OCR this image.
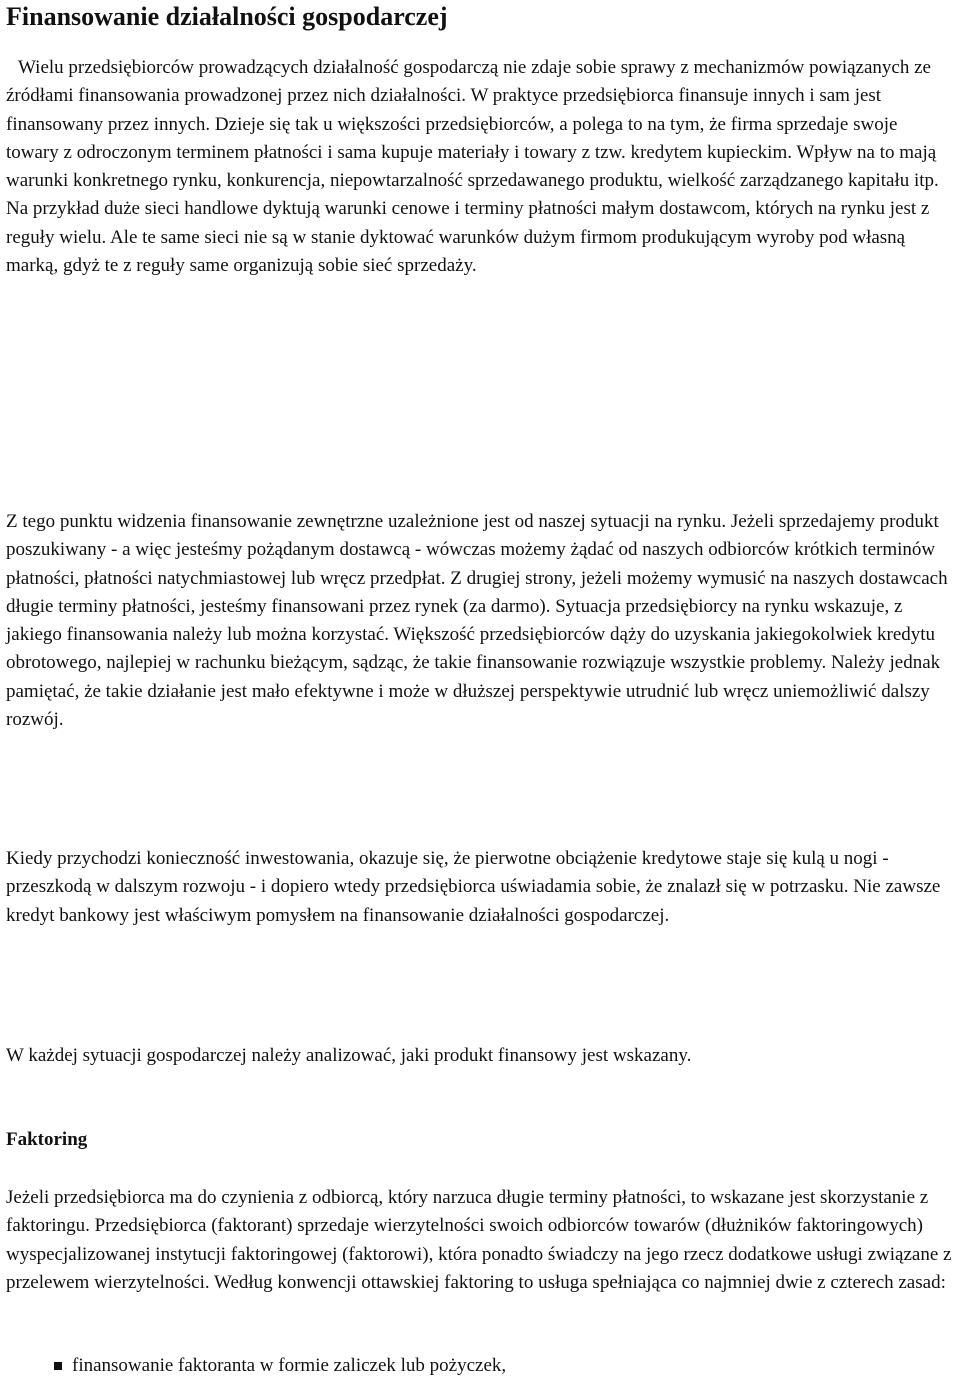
Finansowanie działalności gospodarczej

Wielu przedsiębiorców prowadzących działalność gospodarczą nie zdaje sobie sprawy z mechanizmów powiązanych ze źródłami finansowania prowadzonej przez nich działalności. W praktyce przedsiębiorca finansuje innych i sam jest finansowany przez innych. Dzieje się tak u większości przedsiębiorców, a polega to na tym, że firma sprzedaje swoje towary z odroczonym terminem płatności i sama kupuje materiały i towary z tzw. kredytem kupieckim. Wpływ na to mają warunki konkretnego rynku, konkurencja, niepowtarzalność sprzedawanego produktu, wielkość zarządzanego kapitału itp. Na przykład duże sieci handlowe dyktują warunki cenowe i terminy płatności małym dostawcom, których na rynku jest z reguły wielu. Ale te same sieci nie są w stanie dyktować warunków dużym firmom produkującym wyroby pod własną marką, gdyż te z reguły same organizują sobie sieć sprzedaży.

Z tego punktu widzenia finansowanie zewnętrzne uzależnione jest od naszej sytuacji na rynku. Jeżeli sprzedajemy produkt poszukiwany - a więc jesteśmy pożądanym dostawcą - wówczas możemy żądać od naszych odbiorców krótkich terminów płatności, płatności natychmiastowej lub wręcz przedpłat. Z drugiej strony, jeżeli możemy wymusić na naszych dostawcach długie terminy płatności, jesteśmy finansowani przez rynek (za darmo). Sytuacja przedsiębiorcy na rynku wskazuje, z jakiego finansowania należy lub można korzystać. Większość przedsiębiorców dąży do uzyskania jakiegokolwiek kredytu obrotowego, najlepiej w rachunku bieżącym, sądząc, że takie finansowanie rozwiązuje wszystkie problemy. Należy jednak pamiętać, że takie działanie jest mało efektywne i może w dłuższej perspektywie utrudnić lub wręcz uniemożliwić dalszy rozwój.

Kiedy przychodzi konieczność inwestowania, okazuje się, że pierwotne obciążenie kredytowe staje się kulą u nogi - przeszkodą w dalszym rozwoju - i dopiero wtedy przedsiębiorca uświadamia sobie, że znalazł się w potrzasku. Nie zawsze kredyt bankowy jest właściwym pomysłem na finansowanie działalności gospodarczej.

W każdej sytuacji gospodarczej należy analizować, jaki produkt finansowy jest wskazany.

Faktoring

Jeżeli przedsiębiorca ma do czynienia z odbiorcą, który narzuca długie terminy płatności, to wskazane jest skorzystanie z faktoringu. Przedsiębiorca (faktorant) sprzedaje wierzytelności swoich odbiorców towarów (dłużników faktoringowych) wyspecjalizowanej instytucji faktoringowej (faktorowi), która ponadto świadczy na jego rzecz dodatkowe usługi związane z przelewem wierzytelności. Według konwencji ottawskiej faktoring to usługa spełniająca co najmniej dwie z czterech zasad:

finansowanie faktoranta w formie zaliczek lub pożyczek,
